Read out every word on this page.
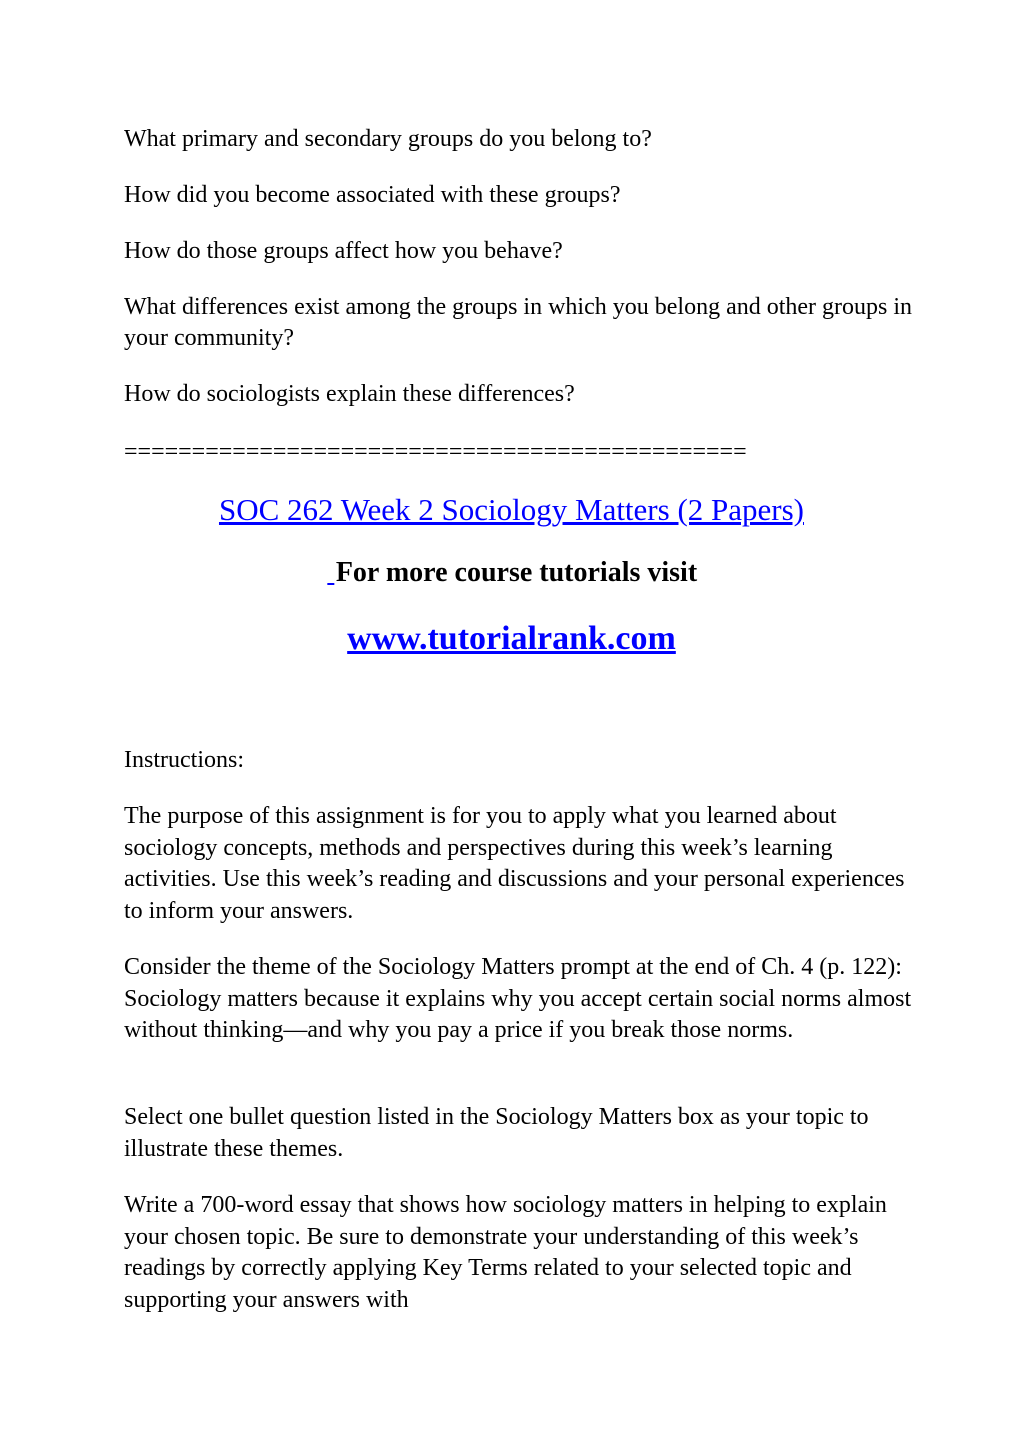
What primary and secondary groups do you belong to?

How did you become associated with these groups?

How do those groups affect how you behave?

What differences exist among the groups in which you belong and other groups in your community?

How do sociologists explain these differences?

==============================================

SOC 262 Week 2 Sociology Matters (2 Papers)

For more course tutorials visit

www.tutorialrank.com

Instructions:

The purpose of this assignment is for you to apply what you learned about sociology concepts, methods and perspectives during this week’s learning activities. Use this week’s reading and discussions and your personal experiences to inform your answers.

Consider the theme of the Sociology Matters prompt at the end of Ch. 4 (p. 122): Sociology matters because it explains why you accept certain social norms almost without thinking—and why you pay a price if you break those norms.

Select one bullet question listed in the Sociology Matters box as your topic to illustrate these themes.

Write a 700-word essay that shows how sociology matters in helping to explain your chosen topic. Be sure to demonstrate your understanding of this week’s readings by correctly applying Key Terms related to your selected topic and supporting your answers with
